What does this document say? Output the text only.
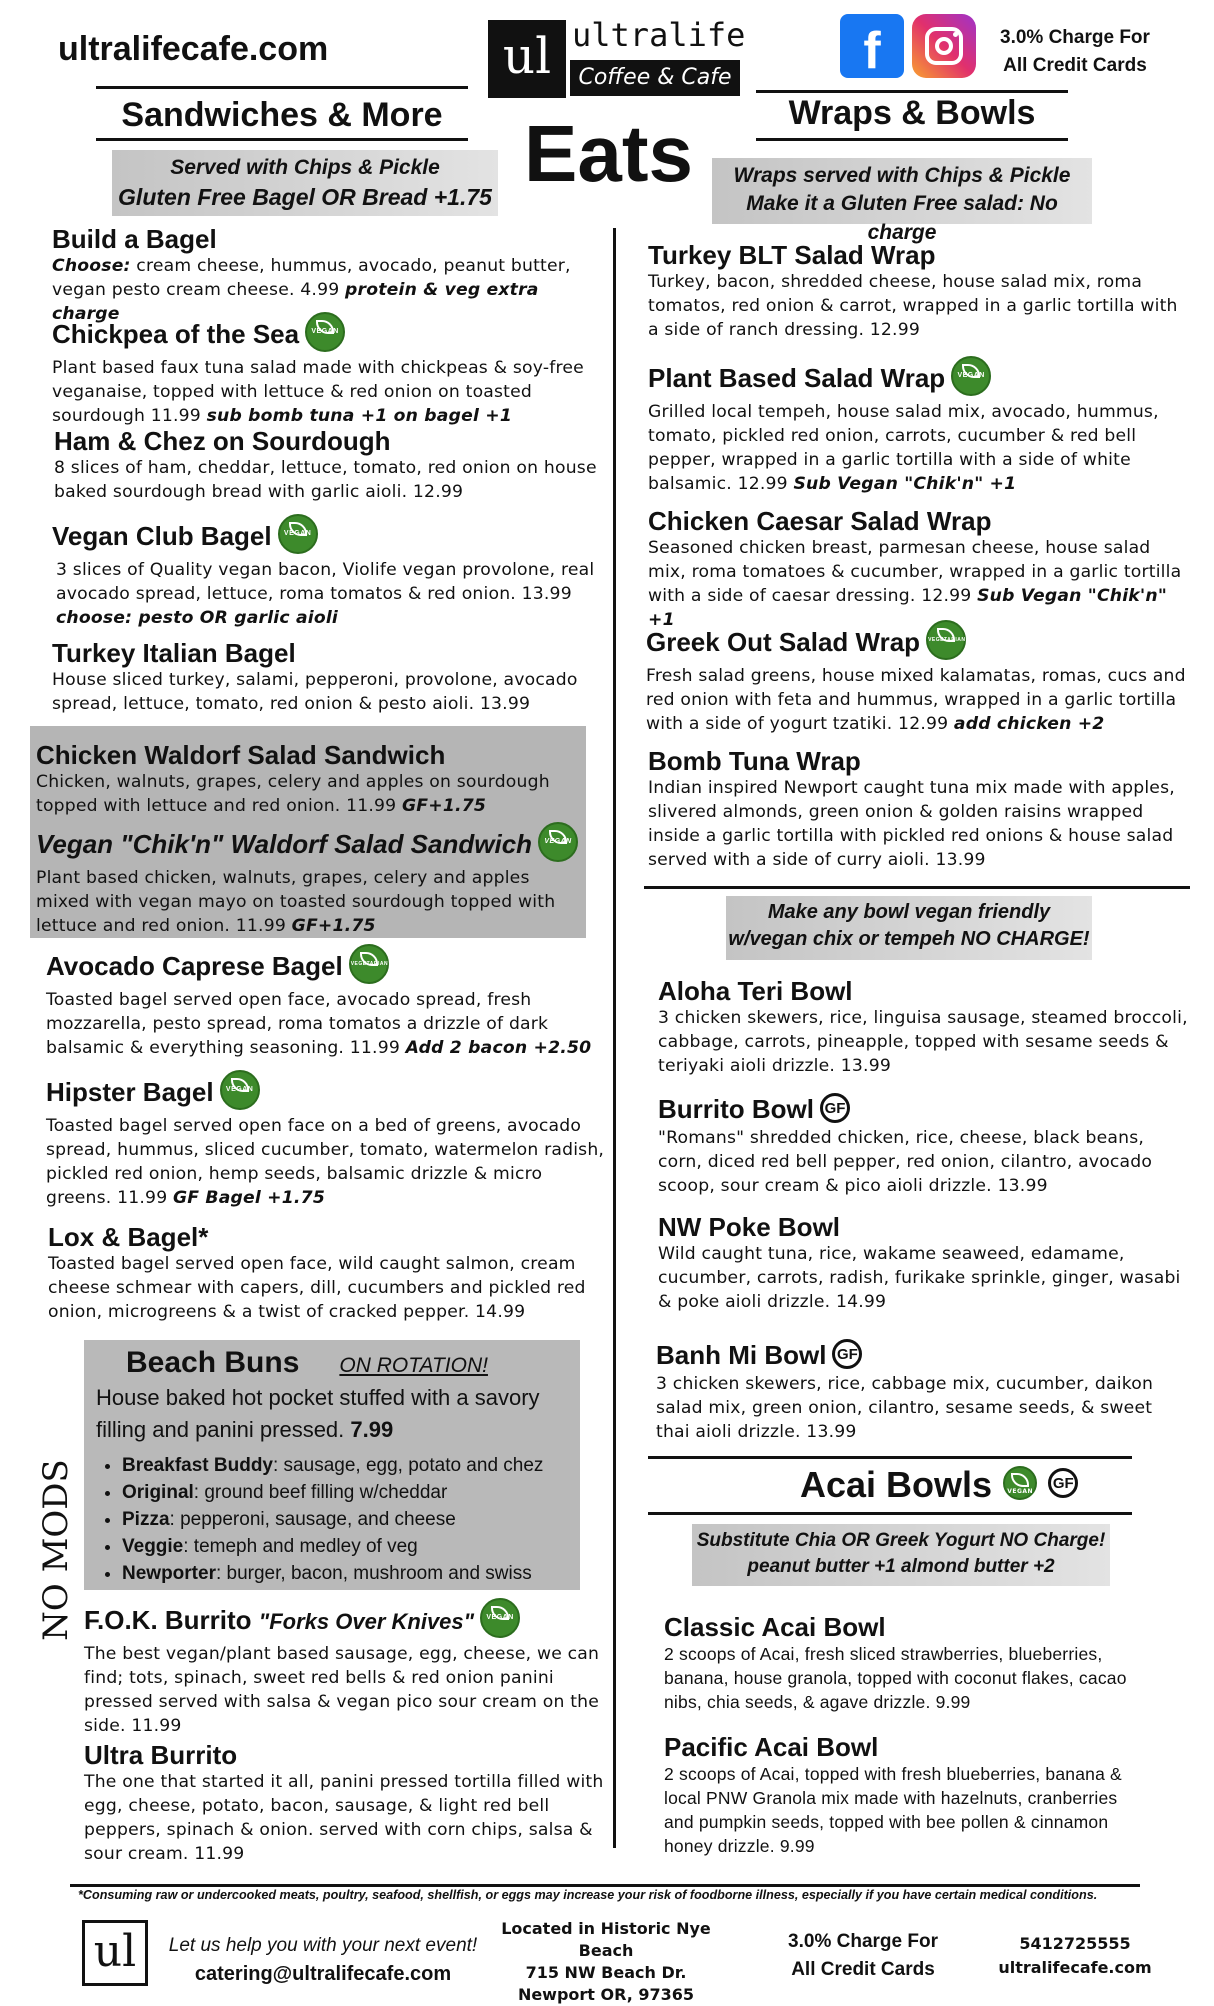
ultralifecafe.com	ul ultralife
Coffee & Cafe	f	3.0% Charge For
All Credit Cards
Sandwiches & More	Wraps & Bowls
Eats
Served with Chips & Pickle
Gluten Free Bagel OR Bread +1.75
Wraps served with Chips & Pickle
Make it a Gluten Free salad: No charge
Build a Bagel
Choose: cream cheese, hummus, avocado, peanut butter, vegan pesto cream cheese. 4.99 protein & veg extra charge
Chickpea of the Sea	VEGAN
Plant based faux tuna salad made with chickpeas & soy-free veganaise, topped with lettuce & red onion on toasted sourdough 11.99 sub bomb tuna +1 on bagel +1
Ham & Chez on Sourdough
8 slices of ham, cheddar, lettuce, tomato, red onion on house baked sourdough bread with garlic aioli. 12.99
Vegan Club Bagel	VEGAN
3 slices of Quality vegan bacon, Violife vegan provolone, real avocado spread, lettuce, roma tomatos & red onion. 13.99
choose: pesto OR garlic aioli
Turkey Italian Bagel
House sliced turkey, salami, pepperoni, provolone, avocado spread, lettuce, tomato, red onion & pesto aioli. 13.99
Chicken Waldorf Salad Sandwich
Chicken, walnuts, grapes, celery and apples on sourdough topped with lettuce and red onion. 11.99 GF+1.75
Vegan "Chik'n" Waldorf Salad Sandwich	VEGAN
Plant based chicken, walnuts, grapes, celery and apples mixed with vegan mayo on toasted sourdough topped with lettuce and red onion. 11.99 GF+1.75
Avocado Caprese Bagel VEGETARIAN
Toasted bagel served open face, avocado spread, fresh mozzarella, pesto spread, roma tomatos a drizzle of dark balsamic & everything seasoning. 11.99 Add 2 bacon +2.50
Hipster Bagel	VEGAN
Toasted bagel served open face on a bed of greens, avocado spread, hummus, sliced cucumber, tomato, watermelon radish, pickled red onion, hemp seeds, balsamic drizzle & micro greens. 11.99 GF Bagel +1.75
Lox & Bagel*
Toasted bagel served open face, wild caught salmon, cream cheese schmear with capers, dill, cucumbers and pickled red onion, microgreens & a twist of cracked pepper. 14.99
Beach Buns ON ROTATION!
House baked hot pocket stuffed with a savory filling and panini pressed. 7.99
• Breakfast Buddy: sausage, egg, potato and chez
• Original: ground beef filling w/cheddar
• Pizza: pepperoni, sausage, and cheese
• Veggie: temeph and medley of veg
• Newporter: burger, bacon, mushroom and swiss
NO MODS F.O.K. Burrito "Forks Over Knives"	VEGAN
The best vegan/plant based sausage, egg, cheese, we can find; tots, spinach, sweet red bells & red onion panini pressed served with salsa & vegan pico sour cream on the side. 11.99
Ultra Burrito
The one that started it all, panini pressed tortilla filled with egg, cheese, potato, bacon, sausage, & light red bell peppers, spinach & onion. served with corn chips, salsa & sour cream. 11.99
Turkey BLT Salad Wrap
Turkey, bacon, shredded cheese, house salad mix, roma tomatos, red onion & carrot, wrapped in a garlic tortilla with a side of ranch dressing. 12.99
Plant Based Salad Wrap	VEGAN
Grilled local tempeh, house salad mix, avocado, hummus, tomato, pickled red onion, carrots, cucumber & red bell pepper, wrapped in a garlic tortilla with a side of white balsamic. 12.99 Sub Vegan "Chik'n" +1
Chicken Caesar Salad Wrap
Seasoned chicken breast, parmesan cheese, house salad mix, roma tomatoes & cucumber, wrapped in a garlic tortilla with a side of caesar dressing. 12.99 Sub Vegan "Chik'n" +1
Greek Out Salad Wrap VEGETARIAN
Fresh salad greens, house mixed kalamatas, romas, cucs and red onion with feta and hummus, wrapped in a garlic tortilla with a side of yogurt tzatiki. 12.99 add chicken +2
Bomb Tuna Wrap
Indian inspired Newport caught tuna mix made with apples, slivered almonds, green onion & golden raisins wrapped inside a garlic tortilla with pickled red onions & house salad served with a side of curry aioli. 13.99
Make any bowl vegan friendly
w/vegan chix or tempeh NO CHARGE!
Aloha Teri Bowl
3 chicken skewers, rice, linguisa sausage, steamed broccoli, cabbage, carrots, pineapple, topped with sesame seeds & teriyaki aioli drizzle. 13.99
Burrito Bowl GF
"Romans" shredded chicken, rice, cheese, black beans, corn, diced red bell pepper, red onion, cilantro, avocado scoop, sour cream & pico aioli drizzle. 13.99
NW Poke Bowl
Wild caught tuna, rice, wakame seaweed, edamame, cucumber, carrots, radish, furikake sprinkle, ginger, wasabi & poke aioli drizzle. 14.99
Banh Mi Bowl GF
3 chicken skewers, rice, cabbage mix, cucumber, daikon salad mix, green onion, cilantro, sesame seeds, & sweet thai aioli drizzle. 13.99
Acai Bowls	VEGAN GF
Substitute Chia OR Greek Yogurt NO Charge!
peanut butter +1 almond butter +2
Classic Acai Bowl
2 scoops of Acai, fresh sliced strawberries, blueberries, banana, house granola, topped with coconut flakes, cacao nibs, chia seeds, & agave drizzle. 9.99
Pacific Acai Bowl
2 scoops of Acai, topped with fresh blueberries, banana & local PNW Granola mix made with hazelnuts, cranberries and pumpkin seeds, topped with bee pollen & cinnamon honey drizzle. 9.99
*Consuming raw or undercooked meats, poultry, seafood, shellfish, or eggs may increase your risk of foodborne illness, especially if you have certain medical conditions.
ul	Let us help you with your next event!
catering@ultralifecafe.com
Located in Historic Nye Beach
715 NW Beach Dr.
Newport OR, 97365
3.0% Charge For
All Credit Cards
5412725555
ultralifecafe.com
